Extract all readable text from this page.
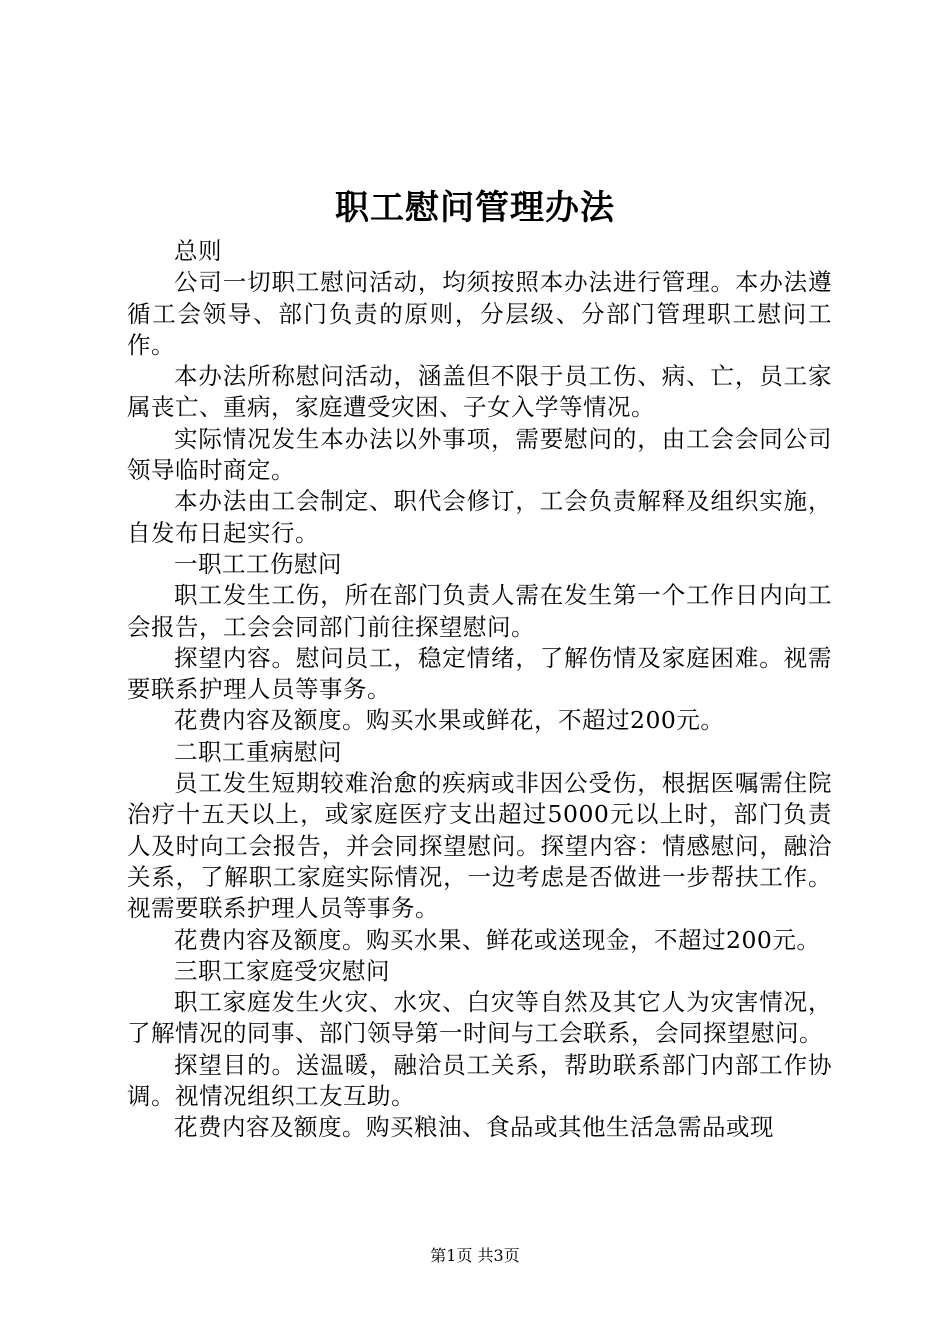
职工慰问管理办法

总则

公司一切职工慰问活动，均须按照本办法进行管理。本办法遵循工会领导、部门负责的原则，分层级、分部门管理职工慰问工作。

本办法所称慰问活动，涵盖但不限于员工伤、病、亡，员工家属丧亡、重病，家庭遭受灾困、子女入学等情况。

实际情况发生本办法以外事项，需要慰问的，由工会会同公司领导临时商定。

本办法由工会制定、职代会修订，工会负责解释及组织实施，自发布日起实行。

一职工工伤慰问

职工发生工伤，所在部门负责人需在发生第一个工作日内向工会报告，工会会同部门前往探望慰问。

探望内容。慰问员工，稳定情绪，了解伤情及家庭困难。视需要联系护理人员等事务。

花费内容及额度。购买水果或鲜花，不超过200元。

二职工重病慰问

员工发生短期较难治愈的疾病或非因公受伤，根据医嘱需住院治疗十五天以上，或家庭医疗支出超过5000元以上时，部门负责人及时向工会报告，并会同探望慰问。探望内容：情感慰问，融洽关系，了解职工家庭实际情况，一边考虑是否做进一步帮扶工作。视需要联系护理人员等事务。

花费内容及额度。购买水果、鲜花或送现金，不超过200元。

三职工家庭受灾慰问

职工家庭发生火灾、水灾、白灾等自然及其它人为灾害情况，了解情况的同事、部门领导第一时间与工会联系，会同探望慰问。

探望目的。送温暖，融洽员工关系，帮助联系部门内部工作协调。视情况组织工友互助。

花费内容及额度。购买粮油、食品或其他生活急需品或现

第1页 共3页
